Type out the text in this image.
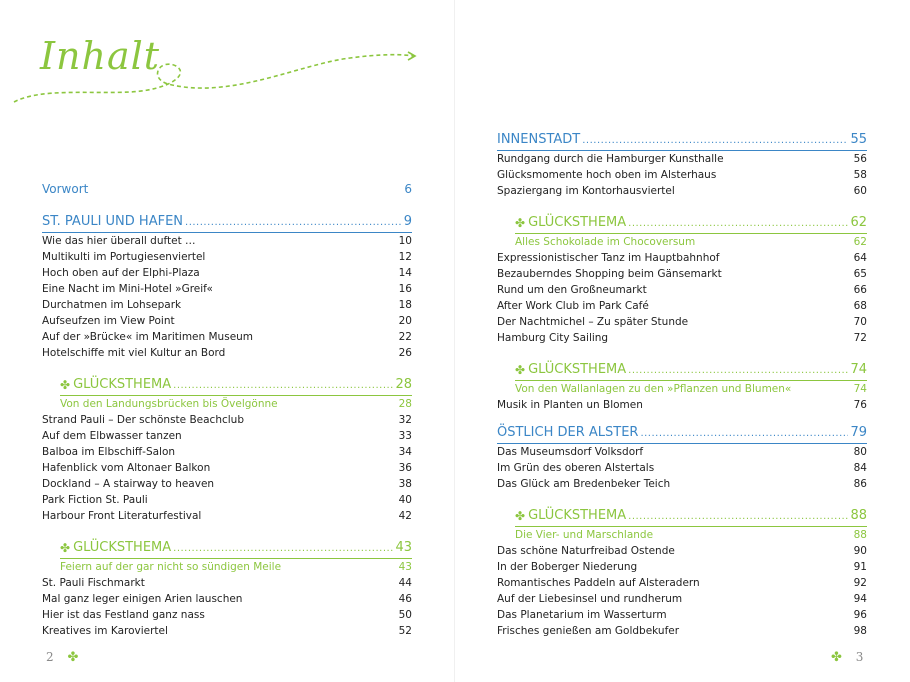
Inhalt
Vorwort	6
ST. PAULI UND HAFEN .....	9
Wie das hier überall duftet …	10
Multikulti im Portugiesenviertel	12
Hoch oben auf der Elphi-Plaza	14
Eine Nacht im Mini-Hotel »Greif«	16
Durchatmen im Lohsepark	18
Aufseufzen im View Point	20
Auf der »Brücke« im Maritimen Museum	22
Hotelschiffe mit viel Kultur an Bord	26
✤ GLÜCKSTHEMA .....	28
Von den Landungsbrücken bis Övelgönne	28
Strand Pauli – Der schönste Beachclub	32
Auf dem Elbwasser tanzen	33
Balboa im Elbschiff-Salon	34
Hafenblick vom Altonaer Balkon	36
Dockland – A stairway to heaven	38
Park Fiction St. Pauli	40
Harbour Front Literaturfestival	42
✤ GLÜCKSTHEMA .....	43
Feiern auf der gar nicht so sündigen Meile	43
St. Pauli Fischmarkt	44
Mal ganz leger einigen Arien lauschen	46
Hier ist das Festland ganz nass	50
Kreatives im Karoviertel	52
2 ✤
INNENSTADT .....	55
Rundgang durch die Hamburger Kunsthalle	56
Glücksmomente hoch oben im Alsterhaus	58
Spaziergang im Kontorhausviertel	60
✤ GLÜCKSTHEMA .....	62
Alles Schokolade im Chocoversum	62
Expressionistischer Tanz im Hauptbahnhof	64
Bezauberndes Shopping beim Gänsemarkt	65
Rund um den Großneumarkt	66
After Work Club im Park Café	68
Der Nachtmichel – Zu später Stunde	70
Hamburg City Sailing	72
✤ GLÜCKSTHEMA .....	74
Von den Wallanlagen zu den »Pflanzen und Blumen«	74
Musik in Planten un Blomen	76
ÖSTLICH DER ALSTER .....	79
Das Museumsdorf Volksdorf	80
Im Grün des oberen Alstertals	84
Das Glück am Bredenbeker Teich	86
✤ GLÜCKSTHEMA .....	88
Die Vier- und Marschlande	88
Das schöne Naturfreibad Ostende	90
In der Boberger Niederung	91
Romantisches Paddeln auf Alsteradern	92
Auf der Liebesinsel und rundherum	94
Das Planetarium im Wasserturm	96
Frisches genießen am Goldbekufer	98
✤ 3
